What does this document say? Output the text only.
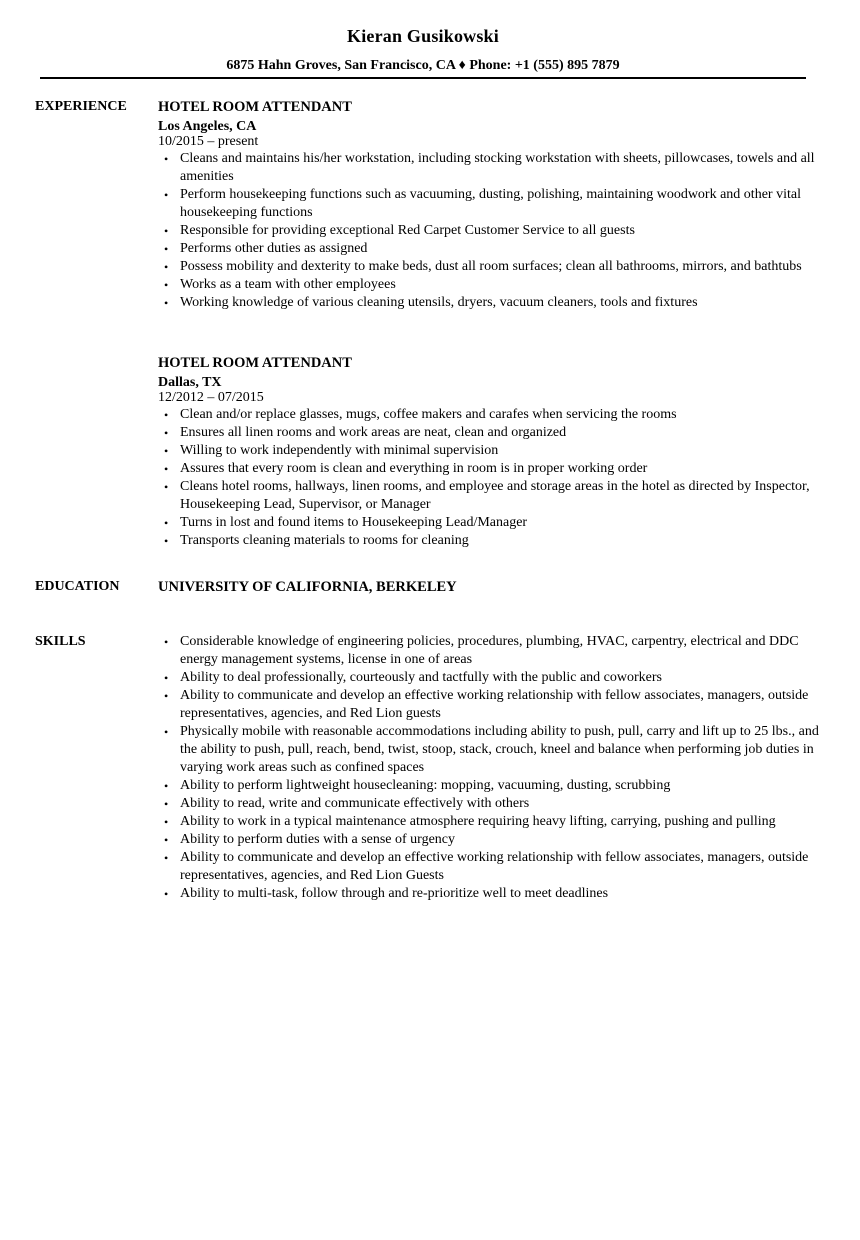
Kieran Gusikowski
6875 Hahn Groves, San Francisco, CA ♦ Phone: +1 (555) 895 7879
EXPERIENCE HOTEL ROOM ATTENDANT
Los Angeles, CA
10/2015 – present
• Cleans and maintains his/her workstation, including stocking workstation with sheets, pillowcases, towels and all amenities
• Perform housekeeping functions such as vacuuming, dusting, polishing, maintaining woodwork and other vital housekeeping functions
• Responsible for providing exceptional Red Carpet Customer Service to all guests
• Performs other duties as assigned
• Possess mobility and dexterity to make beds, dust all room surfaces; clean all bathrooms, mirrors, and bathtubs
• Works as a team with other employees
• Working knowledge of various cleaning utensils, dryers, vacuum cleaners, tools and fixtures
HOTEL ROOM ATTENDANT
Dallas, TX
12/2012 – 07/2015
• Clean and/or replace glasses, mugs, coffee makers and carafes when servicing the rooms
• Ensures all linen rooms and work areas are neat, clean and organized
• Willing to work independently with minimal supervision
• Assures that every room is clean and everything in room is in proper working order
• Cleans hotel rooms, hallways, linen rooms, and employee and storage areas in the hotel as directed by Inspector, Housekeeping Lead, Supervisor, or Manager
• Turns in lost and found items to Housekeeping Lead/Manager
• Transports cleaning materials to rooms for cleaning
EDUCATION	UNIVERSITY OF CALIFORNIA, BERKELEY
SKILLS	• Considerable knowledge of engineering policies, procedures, plumbing, HVAC, carpentry, electrical and DDC energy management systems, license in one of areas
• Ability to deal professionally, courteously and tactfully with the public and coworkers
• Ability to communicate and develop an effective working relationship with fellow associates, managers, outside representatives, agencies, and Red Lion guests
• Physically mobile with reasonable accommodations including ability to push, pull, carry and lift up to 25 lbs., and the ability to push, pull, reach, bend, twist, stoop, stack, crouch, kneel and balance when performing job duties in varying work areas such as confined spaces
• Ability to perform lightweight housecleaning: mopping, vacuuming, dusting, scrubbing
• Ability to read, write and communicate effectively with others
• Ability to work in a typical maintenance atmosphere requiring heavy lifting, carrying, pushing and pulling
• Ability to perform duties with a sense of urgency
• Ability to communicate and develop an effective working relationship with fellow associates, managers, outside representatives, agencies, and Red Lion Guests
• Ability to multi-task, follow through and re-prioritize well to meet deadlines
